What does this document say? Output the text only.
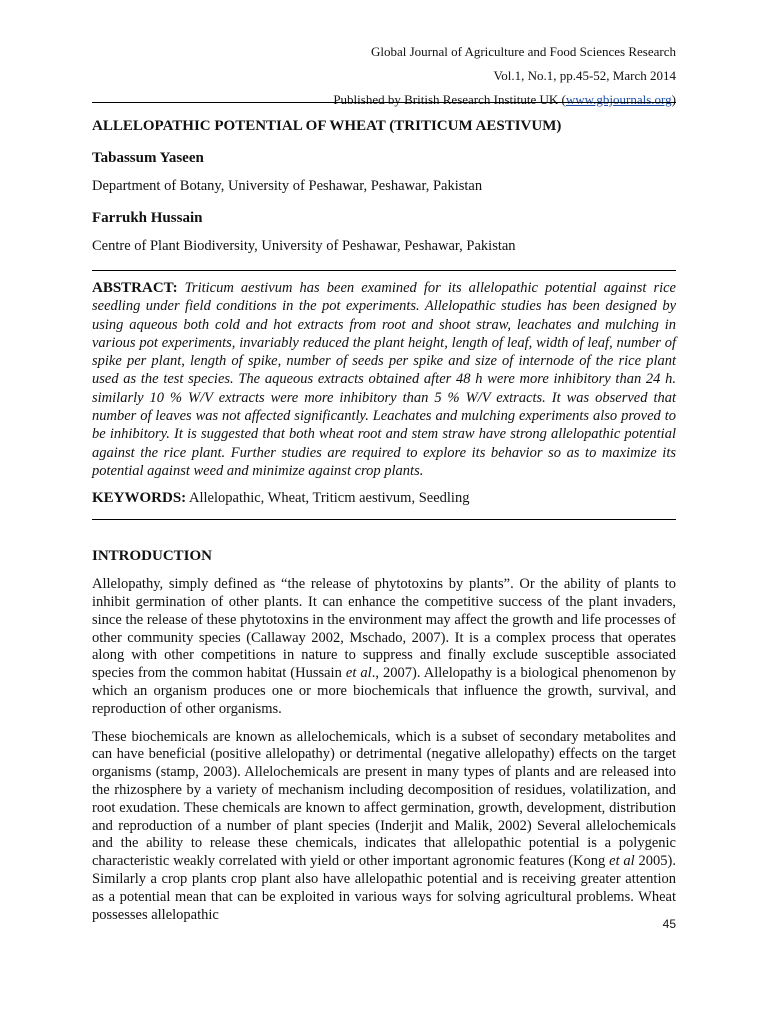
Global Journal of Agriculture and Food Sciences Research
Vol.1, No.1, pp.45-52, March 2014
Published by British Research Institute UK (www.gbjournals.org)
ALLELOPATHIC POTENTIAL OF WHEAT (TRITICUM AESTIVUM)
Tabassum Yaseen
Department of Botany, University of Peshawar, Peshawar, Pakistan
Farrukh Hussain
Centre of Plant Biodiversity, University of Peshawar, Peshawar, Pakistan
ABSTRACT: Triticum aestivum has been examined for its allelopathic potential against rice seedling under field conditions in the pot experiments. Allelopathic studies has been designed by using aqueous both cold and hot extracts from root and shoot straw, leachates and mulching in various pot experiments, invariably reduced the plant height, length of leaf, width of leaf, number of spike per plant, length of spike, number of seeds per spike and size of internode of the rice plant used as the test species. The aqueous extracts obtained after 48 h were more inhibitory than 24 h. similarly 10 % W/V extracts were more inhibitory than 5 % W/V extracts. It was observed that number of leaves was not affected significantly. Leachates and mulching experiments also proved to be inhibitory. It is suggested that both wheat root and stem straw have strong allelopathic potential against the rice plant. Further studies are required to explore its behavior so as to maximize its potential against weed and minimize against crop plants.
KEYWORDS: Allelopathic, Wheat, Triticm aestivum, Seedling
INTRODUCTION

Allelopathy, simply defined as “the release of phytotoxins by plants”. Or the ability of plants to inhibit germination of other plants. It can enhance the competitive success of the plant invaders, since the release of these phytotoxins in the environment may affect the growth and life processes of other community species (Callaway 2002, Mschado, 2007). It is a complex process that operates along with other competitions in nature to suppress and finally exclude susceptible associated species from the common habitat (Hussain et al., 2007). Allelopathy is a biological phenomenon by which an organism produces one or more biochemicals that influence the growth, survival, and reproduction of other organisms.

These biochemicals are known as allelochemicals, which is a subset of secondary metabolites and can have beneficial (positive allelopathy) or detrimental (negative allelopathy) effects on the target organisms (stamp, 2003). Allelochemicals are present in many types of plants and are released into the rhizosphere by a variety of mechanism including decomposition of residues, volatilization, and root exudation. These chemicals are known to affect germination, growth, development, distribution and reproduction of a number of plant species (Inderjit and Malik, 2002) Several allelochemicals and the ability to release these chemicals, indicates that allelopathic potential is a polygenic characteristic weakly correlated with yield or other important agronomic features (Kong et al 2005). Similarly a crop plants crop plant also have allelopathic potential and is receiving greater attention as a potential mean that can be exploited in various ways for solving agricultural problems. Wheat possesses allelopathic

45
